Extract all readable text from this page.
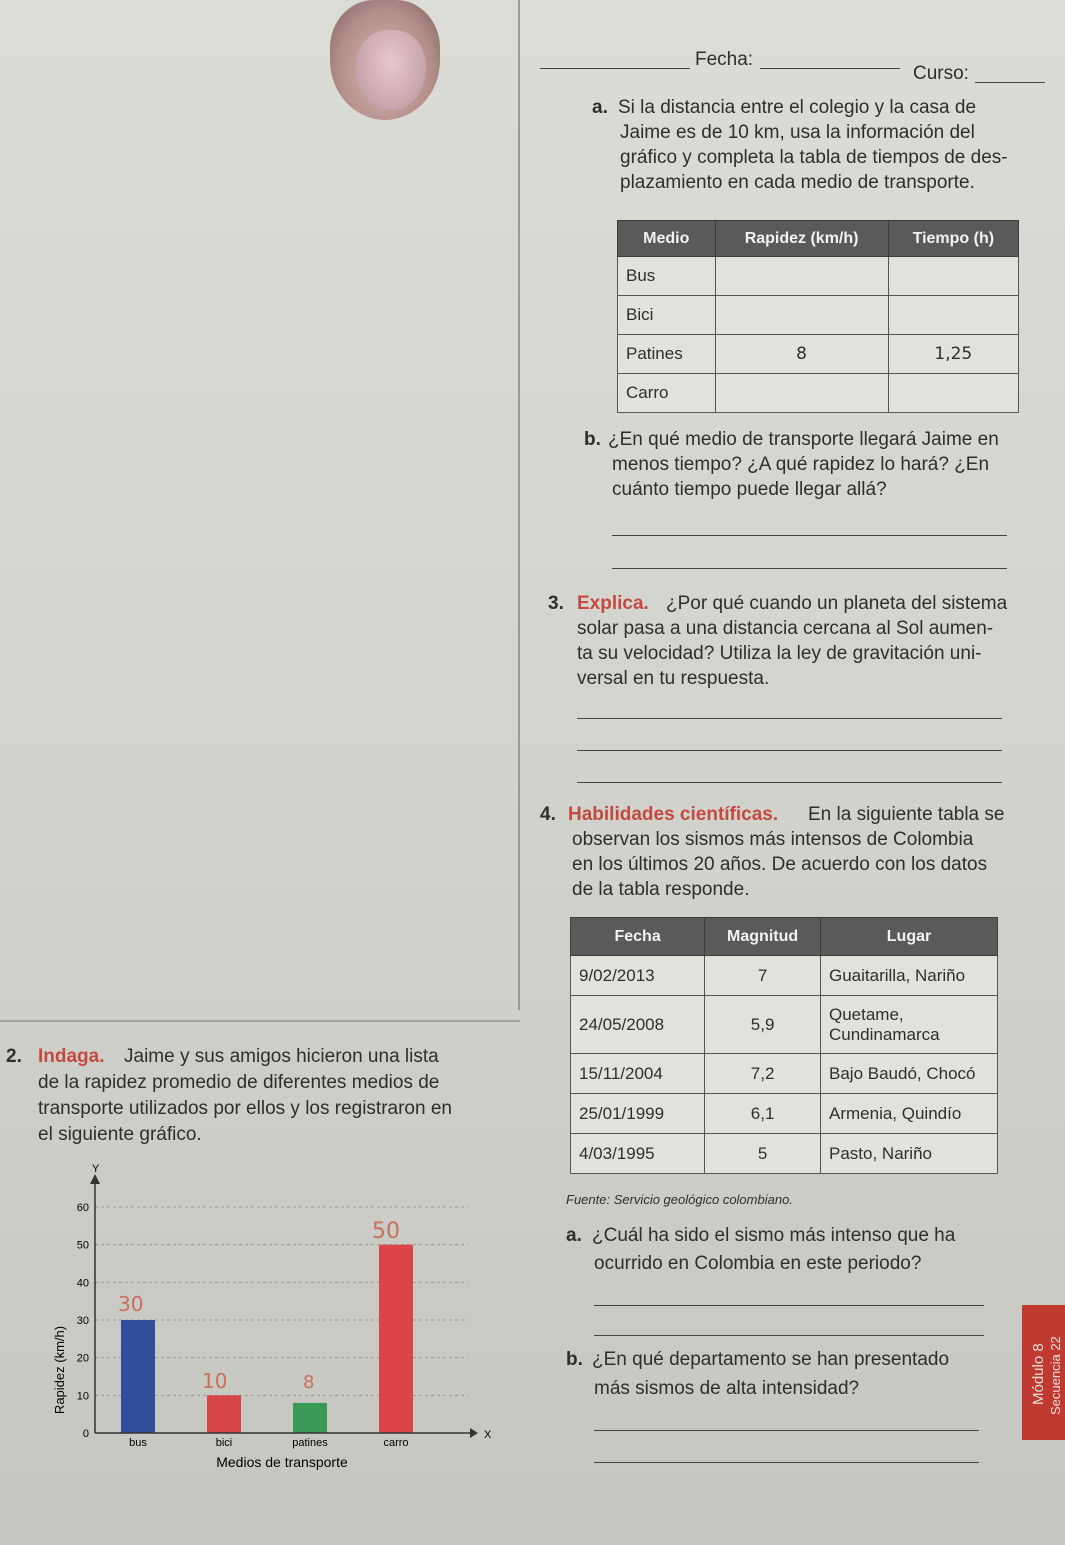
Fecha:
Curso:
a. Si la distancia entre el colegio y la casa de
Jaime es de 10 km, usa la información del
gráfico y completa la tabla de tiempos de des-
plazamiento en cada medio de transporte.
Medio	Rapidez (km/h)	Tiempo (h)
Bus		
Bici		
Patines	8	1,25
Carro		
b. ¿En qué medio de transporte llegará Jaime en
menos tiempo? ¿A qué rapidez lo hará? ¿En
cuánto tiempo puede llegar allá?
3. Explica. ¿Por qué cuando un planeta del sistema
solar pasa a una distancia cercana al Sol aumen-
ta su velocidad? Utiliza la ley de gravitación uni-
versal en tu respuesta.
4. Habilidades científicas. En la siguiente tabla se
observan los sismos más intensos de Colombia
en los últimos 20 años. De acuerdo con los datos
de la tabla responde.
Fecha	Magnitud	Lugar
9/02/2013	7	Guaitarilla, Nariño
24/05/2008	5,9	Quetame, Cundinamarca
15/11/2004	7,2	Bajo Baudó, Chocó
25/01/1999	6,1	Armenia, Quindío
4/03/1995	5	Pasto, Nariño
Fuente: Servicio geológico colombiano.
a. ¿Cuál ha sido el sismo más intenso que ha
ocurrido en Colombia en este periodo?
b. ¿En qué departamento se han presentado
más sismos de alta intensidad?
2. Indaga. Jaime y sus amigos hicieron una lista
de la rapidez promedio de diferentes medios de
transporte utilizados por ellos y los registraron en
el siguiente gráfico.
0
10
20
30
40
50
60
bus	bici	patines	carro
X
Y
Rapidez (km/h)
Medios de transporte
30
10	8
50
Módulo 8 Secuencia 22
